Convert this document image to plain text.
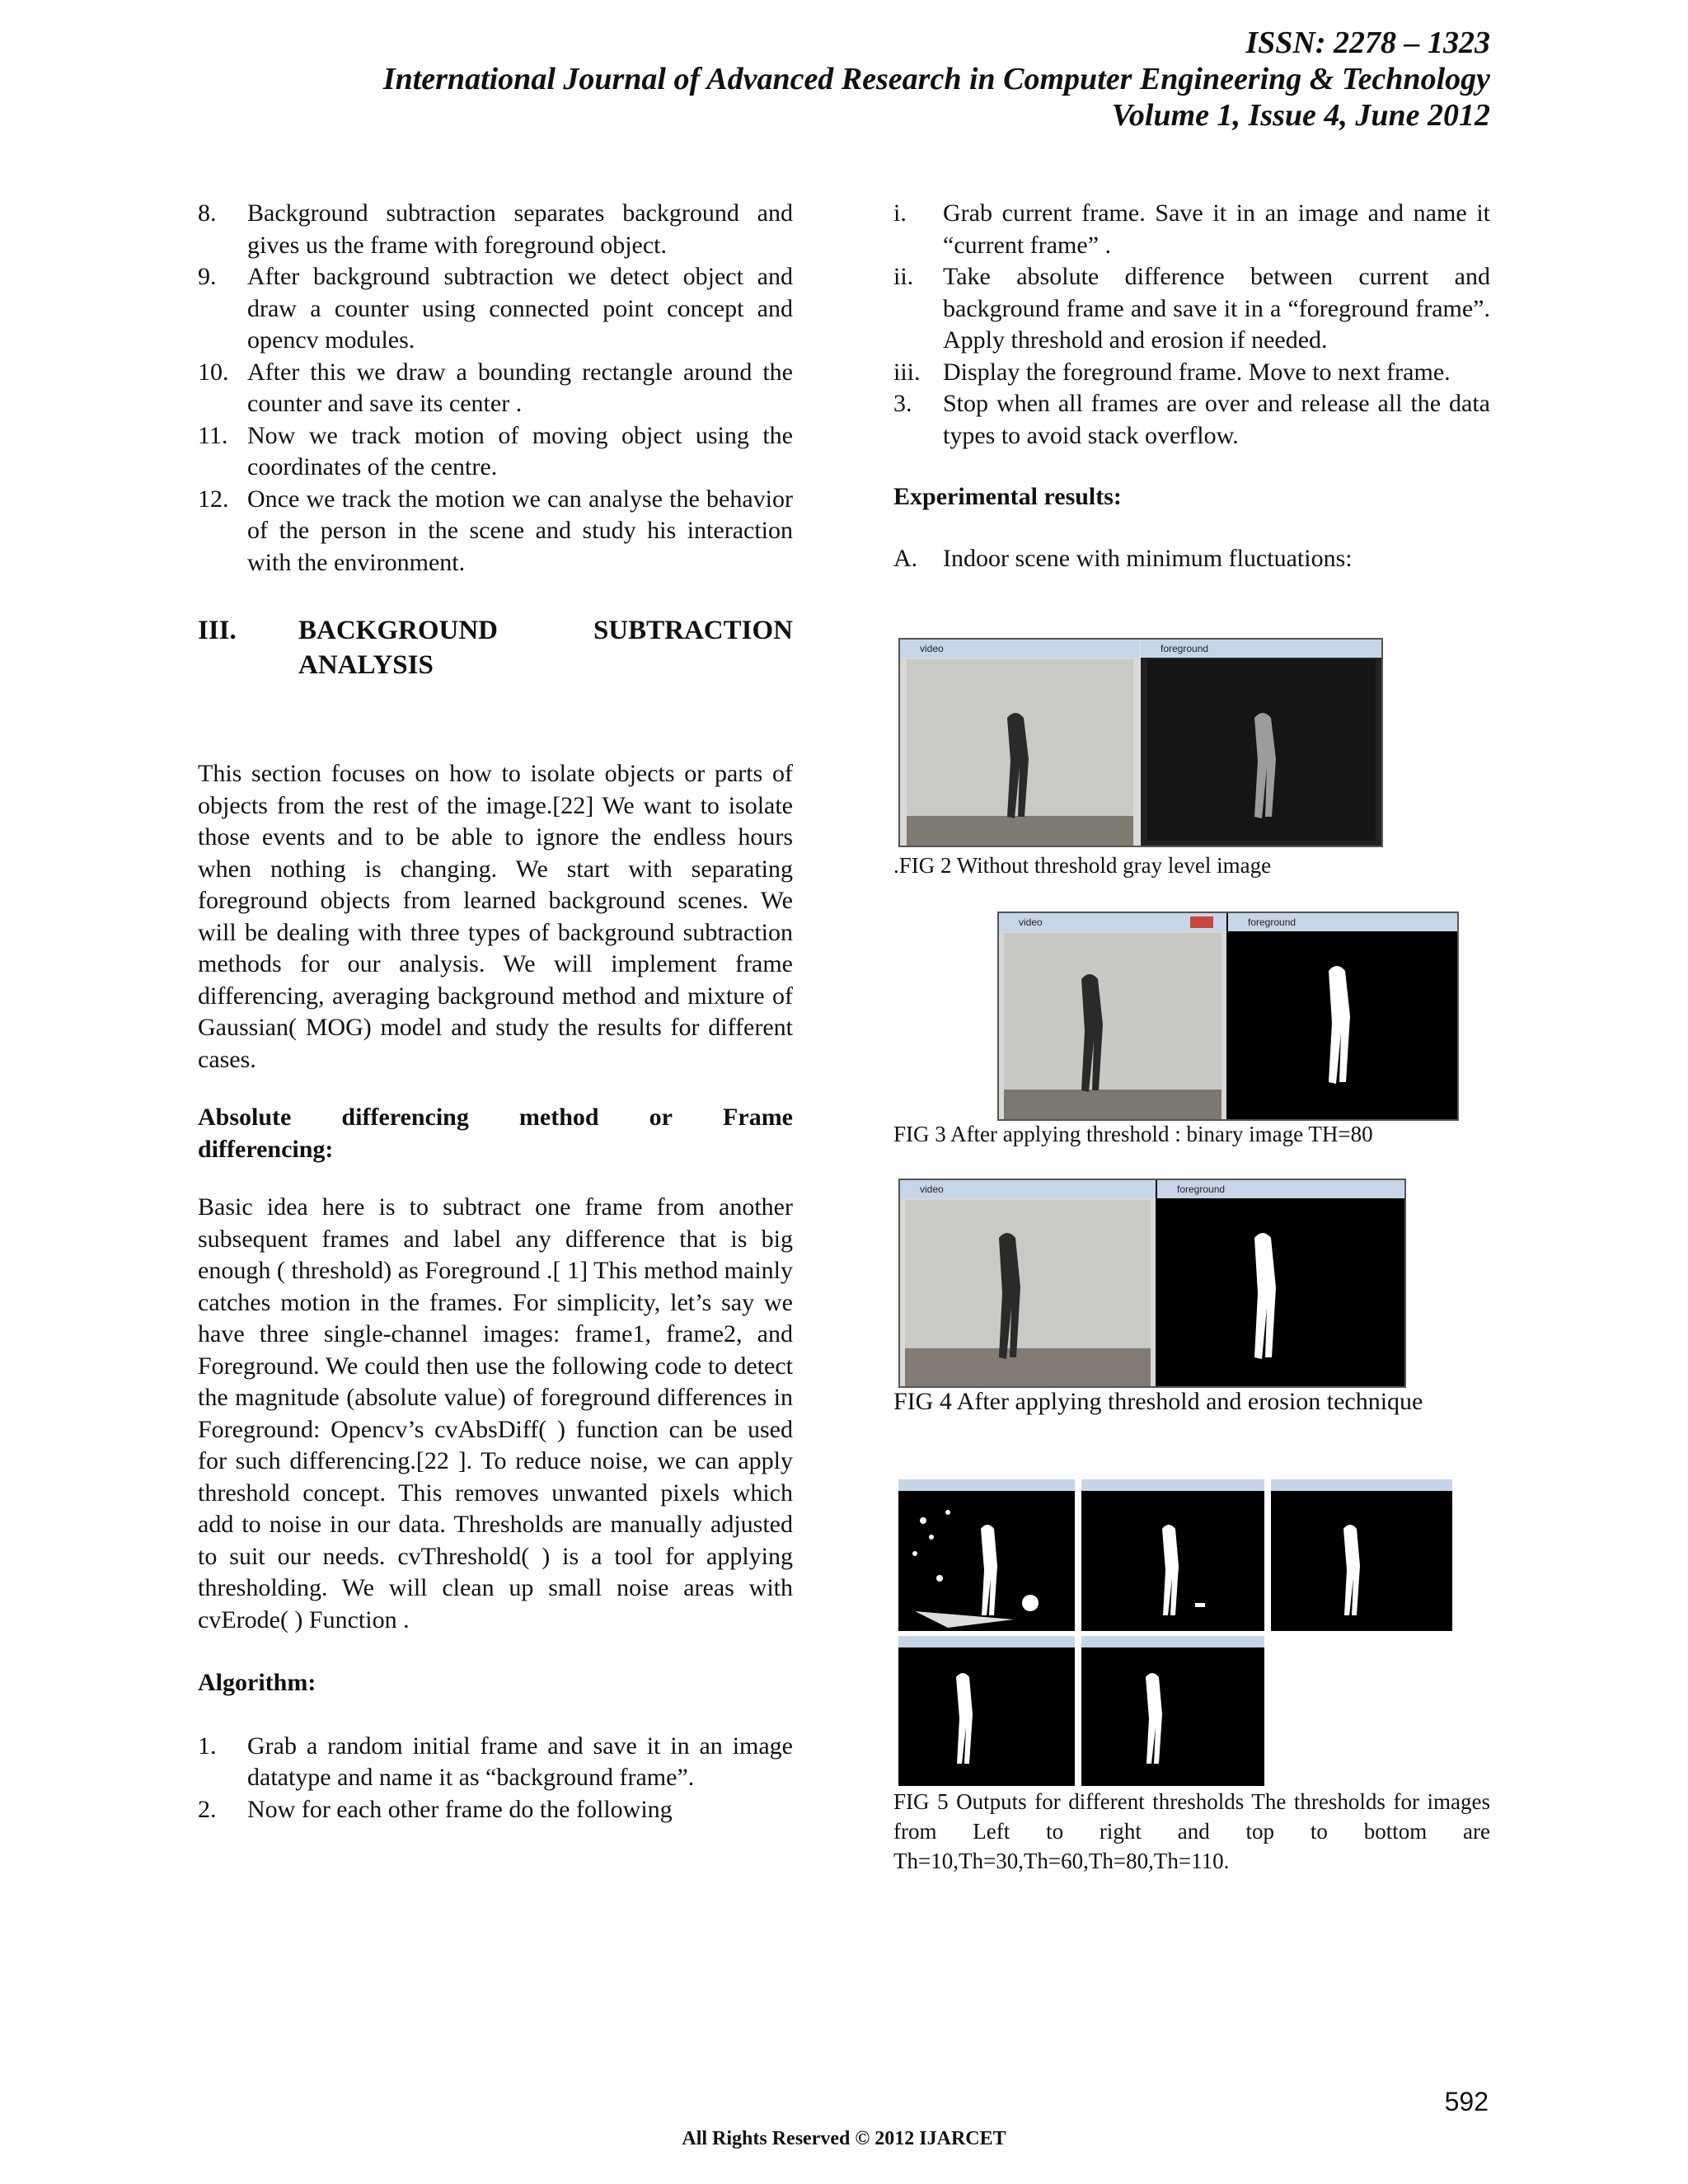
ISSN: 2278 – 1323
International Journal of Advanced Research in Computer Engineering & Technology
Volume 1, Issue 4, June 2012
8.	Background subtraction separates background and gives us the frame with foreground object.
9.	After background subtraction we detect object and draw a counter using connected point concept and opencv modules.
10. After this we draw a bounding rectangle around the counter and save its center .
11. Now we track motion of moving object using the coordinates of the centre.
12. Once we track the motion we can analyse the behavior of the person in the scene and study his interaction with the environment.
III.	BACKGROUND	SUBTRACTION
ANALYSIS

This section focuses on how to isolate objects or parts of objects from the rest of the image.[22] We want to isolate those events and to be able to ignore the endless hours when nothing is changing. We start with separating foreground objects from learned background scenes. We will be dealing with three types of background subtraction methods for our analysis. We will implement frame differencing, averaging background method and mixture of Gaussian( MOG) model and study the results for different cases.

Absolute differencing method or Frame
differencing:

Basic idea here is to subtract one frame from another subsequent frames and label any difference that is big enough ( threshold) as Foreground .[ 1] This method mainly catches motion in the frames. For simplicity, let’s say we have three single-channel images: frame1, frame2, and Foreground. We could then use the following code to detect the magnitude (absolute value) of foreground differences in Foreground: Opencv’s cvAbsDiff( ) function can be used for such differencing.[22 ]. To reduce noise, we can apply threshold concept. This removes unwanted pixels which add to noise in our data. Thresholds are manually adjusted to suit our needs. cvThreshold( ) is a tool for applying thresholding. We will clean up small noise areas with cvErode( ) Function .

Algorithm:
1.	Grab a random initial frame and save it in an image datatype and name it as “background frame”.
2.	Now for each other frame do the following
i.	Grab current frame. Save it in an image and name it “current frame” .
ii.	Take absolute difference between current and background frame and save it in a “foreground frame”. Apply threshold and erosion if needed.
iii. Display the foreground frame. Move to next frame.
3.	Stop when all frames are over and release all the data types to avoid stack overflow.
Experimental results:
A.	Indoor scene with minimum fluctuations:
video	foreground
.FIG 2 Without threshold gray level image
video	foreground
FIG 3 After applying threshold : binary image TH=80
video	foreground
FIG 4 After applying threshold and erosion technique
FIG 5 Outputs for different thresholds The thresholds for images from Left to right and top to bottom are Th=10,Th=30,Th=60,Th=80,Th=110.
592
All Rights Reserved © 2012 IJARCET
